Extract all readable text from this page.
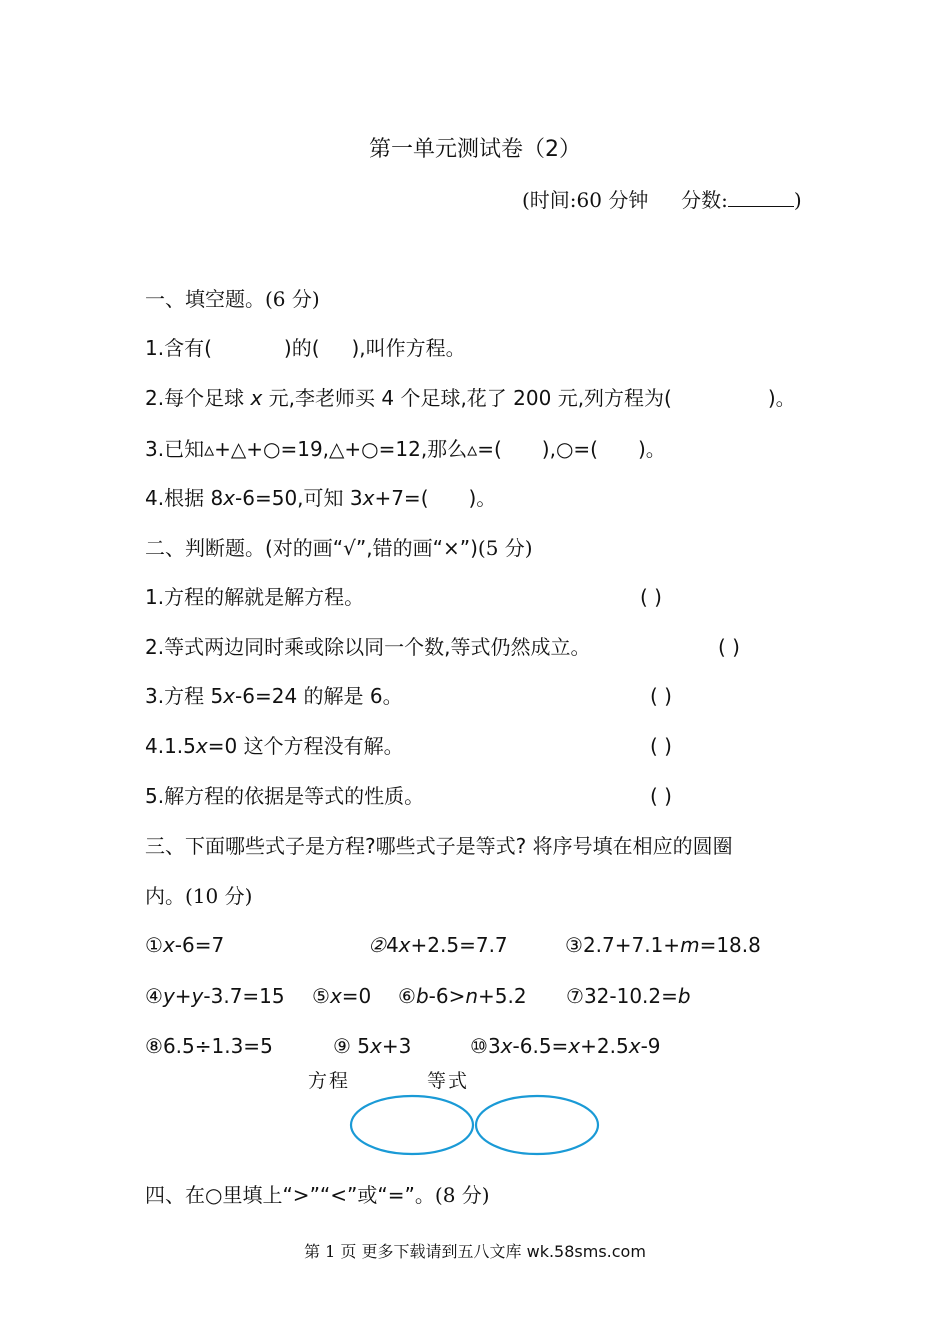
第一单元测试卷（2）
(时间:60 分钟 分数:	)
一、填空题。(6 分)
1.含有(	)的( ),叫作方程。
2.每个足球 x 元,李老师买 4 个足球,花了 200 元,列方程为(	)。
3.已知▵+△+○=19,△+○=12,那么▵=( ),○=( )。
4.根据 8x-6=50,可知 3x+7=( )。
二、判断题。(对的画“√”,错的画“×”)(5 分)
1.方程的解就是解方程。	( )
2.等式两边同时乘或除以同一个数,等式仍然成立。	( )
3.方程 5x-6=24 的解是 6。	( )
4.1.5x=0 这个方程没有解。	( )
5.解方程的依据是等式的性质。	( )
三、下面哪些式子是方程?哪些式子是等式? 将序号填在相应的圆圈
内。(10 分)
①x-6=7	②4x+2.5=7.7	③2.7+7.1+m=18.8
④y+y-3.7=15 ⑤x=0 ⑥b-6>n+5.2 ⑦32-10.2=b
⑧6.5÷1.3=5	⑨ 5x+3	⑩3x-6.5=x+2.5x-9
方程	等式
四、在○里填上“>”“<”或“=”。(8 分)
第 1 页 更多下载请到五八文库 wk.58sms.com
